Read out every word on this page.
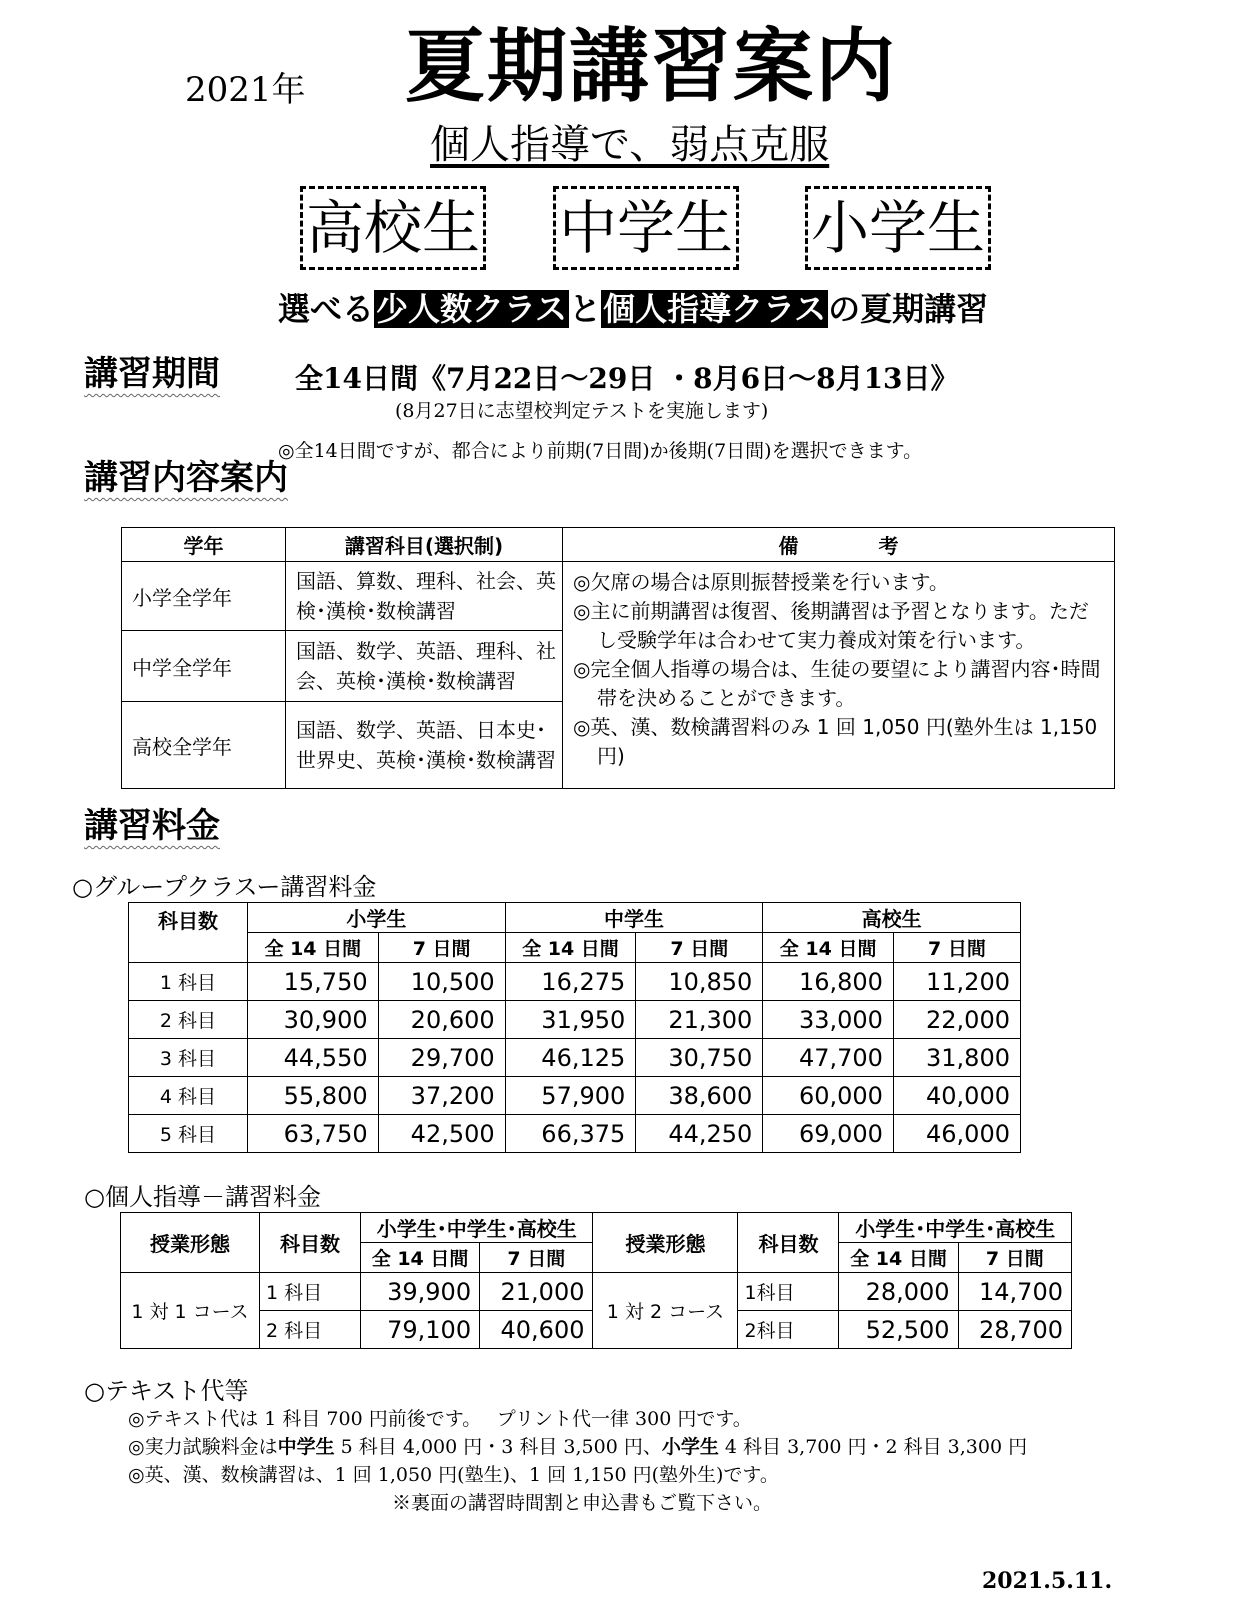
2021年 夏期講習案内
個人指導で、弱点克服
高校生 中学生 小学生
選べる少人数クラスと個人指導クラスの夏期講習
講習期間	全14日間《7月22日～29日 ・8月6日～8月13日》
(8月27日に志望校判定テストを実施します)
◎全14日間ですが、都合により前期(7日間)か後期(7日間)を選択できます。
講習内容案内
学年	講習科目(選択制)	備　　　　考
小学全学年	国語、算数、理科、社会、英検･漢検･数検講習	◎欠席の場合は原則振替授業を行います。
◎主に前期講習は復習、後期講習は予習となります。ただし受験学年は合わせて実力養成対策を行います。
◎完全個人指導の場合は、生徒の要望により講習内容･時間帯を決めることができます。
◎英、漢、数検講習料のみ 1 回 1,050 円(塾外生は 1,150 円)

中学全学年	国語、数学、英語、理科、社会、英検･漢検･数検講習	
高校全学年	国語、数学、英語、日本史･世界史、英検･漢検･数検講習	
講習料金
○グループクラスー講習料金
科目数	小学生		中学生		高校生	
	全 14 日間	7 日間	全 14 日間	7 日間	全 14 日間	7 日間
1 科目	15,750	10,500	16,275	10,850	16,800	11,200
2 科目	30,900	20,600	31,950	21,300	33,000	22,000
3 科目	44,550	29,700	46,125	30,750	47,700	31,800
4 科目	55,800	37,200	57,900	38,600	60,000	40,000
5 科目	63,750	42,500	66,375	44,250	69,000	46,000
○個人指導－講習料金
授業形態	科目数	小学生･中学生･高校生		授業形態	科目数	小学生･中学生･高校生	
		全 14 日間	7 日間			全 14 日間	7 日間
1 対 1 コース	1 科目	39,900	21,000	1 対 2 コース	1科目	28,000	14,700
	2 科目	79,100	40,600		2科目	52,500	28,700
○テキスト代等
◎テキスト代は 1 科目 700 円前後です。　 プリント代一律 300 円です。
◎実力試験料金は中学生 5 科目 4,000 円・3 科目 3,500 円、小学生 4 科目 3,700 円・2 科目 3,300 円
◎英、漢、数検講習は、1 回 1,050 円(塾生)、1 回 1,150 円(塾外生)です。
※裏面の講習時間割と申込書もご覧下さい。
2021.5.11.
